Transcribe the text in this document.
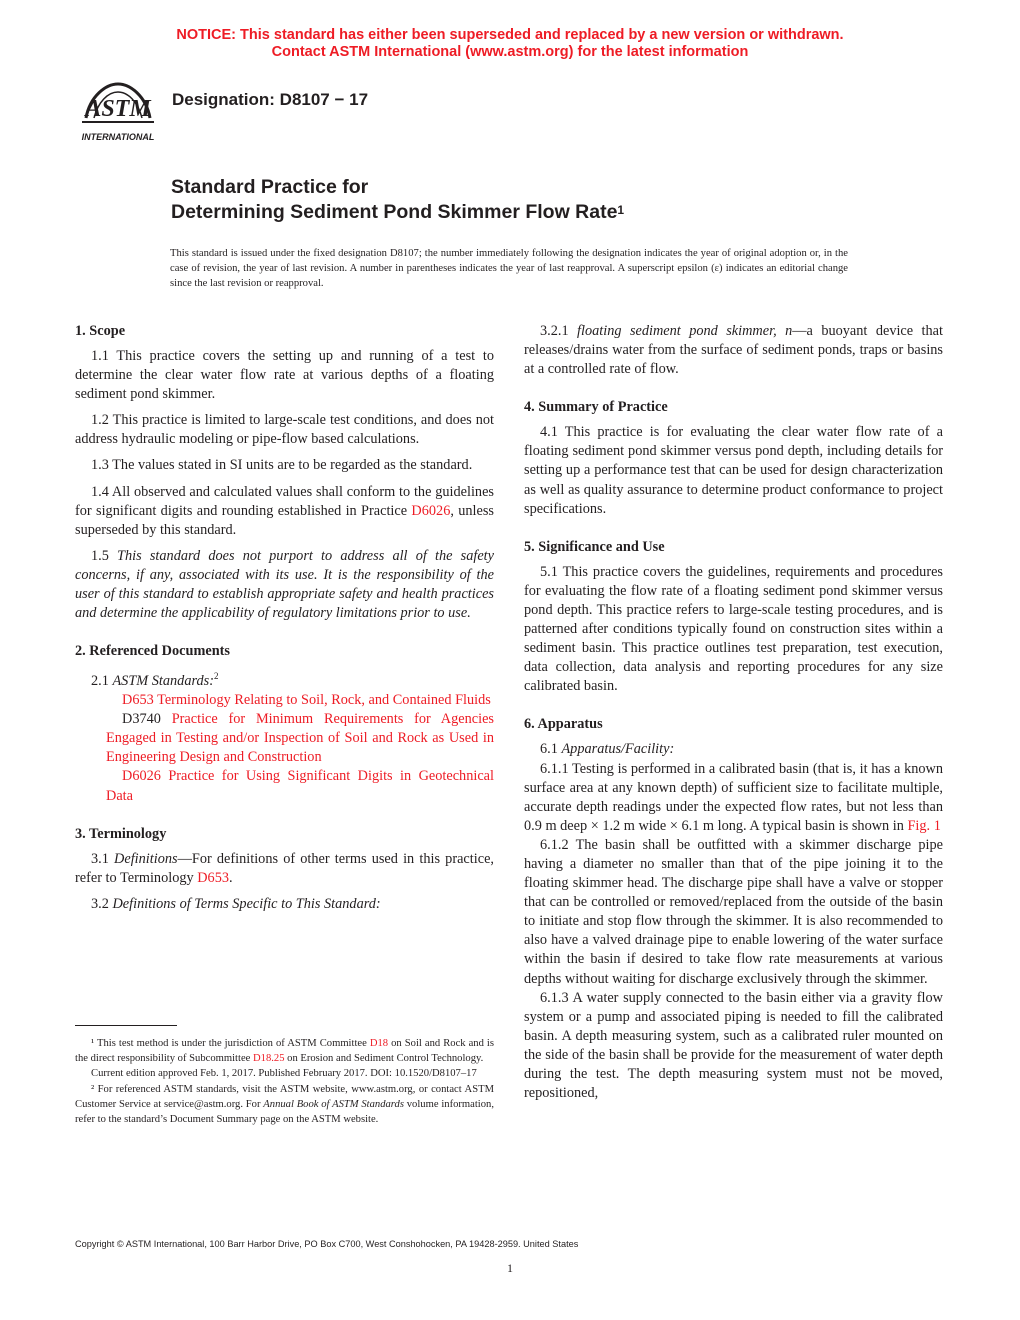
NOTICE: This standard has either been superseded and replaced by a new version or withdrawn.
Contact ASTM International (www.astm.org) for the latest information
ASTM
INTERNATIONAL
Designation: D8107 − 17
Standard Practice for
Determining Sediment Pond Skimmer Flow Rate$^1$
This standard is issued under the fixed designation D8107; the number immediately following the designation indicates the year of original adoption or, in the case of revision, the year of last revision. A number in parentheses indicates the year of last reapproval. A superscript epsilon (ε) indicates an editorial change since the last revision or reapproval.
1. Scope

1.1 This practice covers the setting up and running of a test to determine the clear water flow rate at various depths of a floating sediment pond skimmer.

1.2 This practice is limited to large-scale test conditions, and does not address hydraulic modeling or pipe-flow based calculations.

1.3 The values stated in SI units are to be regarded as the standard.

1.4 All observed and calculated values shall conform to the guidelines for significant digits and rounding established in Practice D6026, unless superseded by this standard.

1.5 This standard does not purport to address all of the safety concerns, if any, associated with its use. It is the responsibility of the user of this standard to establish appropriate safety and health practices and determine the applicability of regulatory limitations prior to use.

2. Referenced Documents

2.1 ASTM Standards:$^2$

D653 Terminology Relating to Soil, Rock, and Contained Fluids

D3740 Practice for Minimum Requirements for Agencies Engaged in Testing and/or Inspection of Soil and Rock as Used in Engineering Design and Construction

D6026 Practice for Using Significant Digits in Geotechnical Data

3. Terminology

3.1 Definitions—For definitions of other terms used in this practice, refer to Terminology D653.

3.2 Definitions of Terms Specific to This Standard:

3.2.1 floating sediment pond skimmer, n—a buoyant device that releases/drains water from the surface of sediment ponds, traps or basins at a controlled rate of flow.

4. Summary of Practice

4.1 This practice is for evaluating the clear water flow rate of a floating sediment pond skimmer versus pond depth, including details for setting up a performance test that can be used for design characterization as well as quality assurance to determine product conformance to project specifications.

5. Significance and Use

5.1 This practice covers the guidelines, requirements and procedures for evaluating the flow rate of a floating sediment pond skimmer versus pond depth. This practice refers to large-scale testing procedures, and is patterned after conditions typically found on construction sites within a sediment basin. This practice outlines test preparation, test execution, data collection, data analysis and reporting procedures for any size calibrated basin.

6. Apparatus

6.1 Apparatus/Facility:

6.1.1 Testing is performed in a calibrated basin (that is, it has a known surface area at any known depth) of sufficient size to facilitate multiple, accurate depth readings under the expected flow rates, but not less than 0.9 m deep × 1.2 m wide × 6.1 m long. A typical basin is shown in Fig. 1

6.1.2 The basin shall be outfitted with a skimmer discharge pipe having a diameter no smaller than that of the pipe joining it to the floating skimmer head. The discharge pipe shall have a valve or stopper that can be controlled or removed/replaced from the outside of the basin to initiate and stop flow through the skimmer. It is also recommended to also have a valved drainage pipe to enable lowering of the water surface within the basin if desired to take flow rate measurements at various depths without waiting for discharge exclusively through the skimmer.

6.1.3 A water supply connected to the basin either via a gravity flow system or a pump and associated piping is needed to fill the calibrated basin. A depth measuring system, such as a calibrated ruler mounted on the side of the basin shall be provide for the measurement of water depth during the test. The depth measuring system must not be moved, repositioned,

¹ This test method is under the jurisdiction of ASTM Committee D18 on Soil and Rock and is the direct responsibility of Subcommittee D18.25 on Erosion and Sediment Control Technology.

Current edition approved Feb. 1, 2017. Published February 2017. DOI: 10.1520/D8107–17

² For referenced ASTM standards, visit the ASTM website, www.astm.org, or contact ASTM Customer Service at service@astm.org. For Annual Book of ASTM Standards volume information, refer to the standard’s Document Summary page on the ASTM website.

Copyright © ASTM International, 100 Barr Harbor Drive, PO Box C700, West Conshohocken, PA 19428-2959. United States
1
